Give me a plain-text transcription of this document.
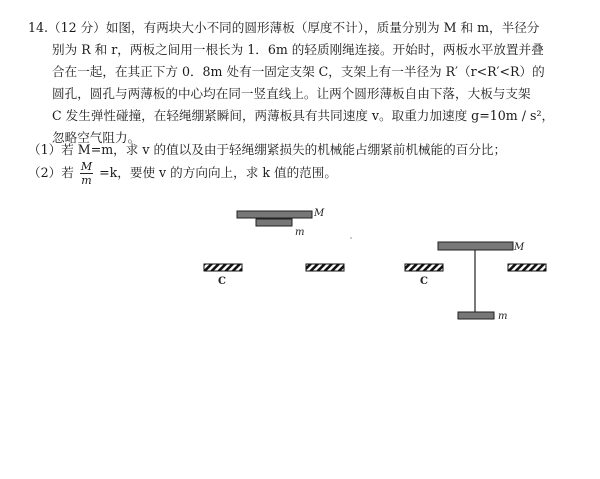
14.（12 分）如图，有两块大小不同的圆形薄板（厚度不计），质量分别为 M 和 m，半径分
别为 R 和 r，两板之间用一根长为 1．6m 的轻质刚绳连接。开始时，两板水平放置并叠
合在一起，在其正下方 0．8m 处有一固定支架 C，支架上有一半径为 R′（r<R′<R）的
圆孔，圆孔与两薄板的中心均在同一竖直线上。让两个圆形薄板自由下落，大板与支架
C 发生弹性碰撞，在轻绳绷紧瞬间，两薄板具有共同速度 v。取重力加速度 g=10m / s²，
忽略空气阻力。
（1）若 M=m，求 v 的值以及由于轻绳绷紧损失的机械能占绷紧前机械能的百分比；
（2）若 $\frac{M}{m} =k$，要使 v 的方向向上，求 k 值的范围。
M
m
C
M
m
C
